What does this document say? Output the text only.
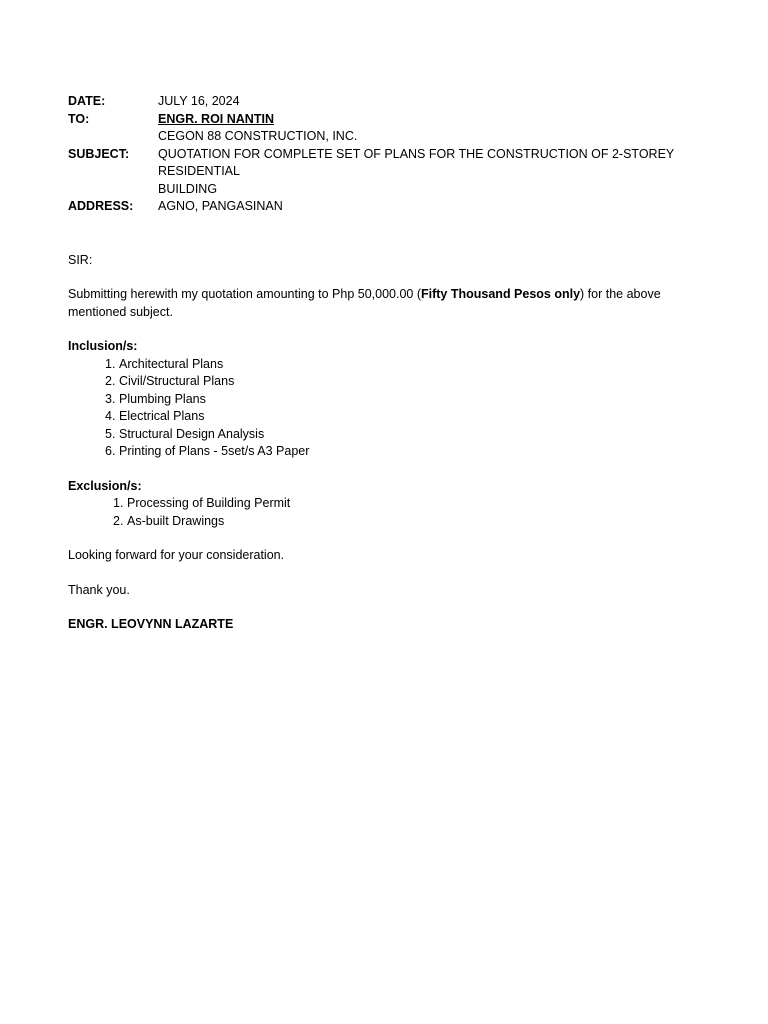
DATE:	JULY 16, 2024
TO:	ENGR. ROI NANTIN
CEGON 88 CONSTRUCTION, INC.
SUBJECT:	QUOTATION FOR COMPLETE SET OF PLANS FOR THE CONSTRUCTION OF 2-STOREY RESIDENTIAL
BUILDING
ADDRESS:	AGNO, PANGASINAN
SIR:
Submitting herewith my quotation amounting to Php 50,000.00 (Fifty Thousand Pesos only) for the above
mentioned subject.
Inclusion/s:
1. Architectural Plans
2. Civil/Structural Plans
3. Plumbing Plans
4. Electrical Plans
5. Structural Design Analysis
6. Printing of Plans - 5set/s A3 Paper
Exclusion/s:
1. Processing of Building Permit
2. As-built Drawings
Looking forward for your consideration.
Thank you.
ENGR. LEOVYNN LAZARTE
